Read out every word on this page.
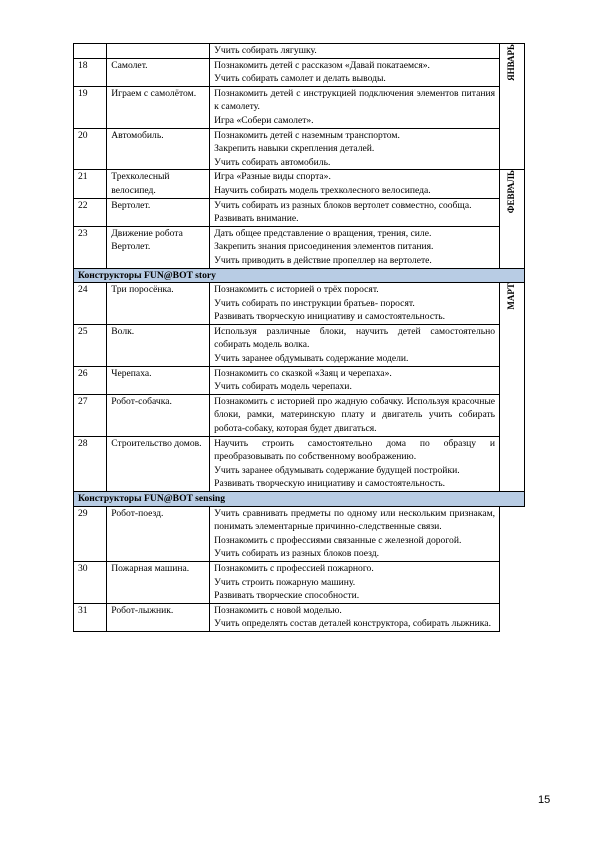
		Учить собирать лягушку.	ЯНВАРЬ
18	Самолет.	Познакомить детей с рассказом «Давай покатаемся».
Учить собирать самолет и делать выводы.	

19	Играем с самолётом.	Познакомить детей с инструкцией подключения элементов питания к самолету.
Игра «Собери самолет».	

20	Автомобиль.	Познакомить детей с наземным транспортом.
Закрепить навыки скрепления деталей.
Учить собирать автомобиль.	

21	Трехколесный велосипед.	Игра «Разные виды спорта».
Научить собирать модель трехколесного велосипеда.	ФЕВРАЛЬ
22	Вертолет.	Учить собирать из разных блоков вертолет совместно, сообща.
Развивать внимание.	

23	Движение робота Вертолет.	Дать общее представление о вращения, трения, силе.
Закрепить знания присоединения элементов питания.
Учить приводить в действие пропеллер на вертолете.	

Конструкторы FUN@BOT story			
24	Три поросёнка.	Познакомить с историей о трёх поросят.
Учить собирать по инструкции братьев- поросят.
Развивать творческую инициативу и самостоятельность.	МАРТ
25	Волк.	Используя различные блоки, научить детей самостоятельно собирать модель волка.
Учить заранее обдумывать содержание модели.	

26	Черепаха.	Познакомить со сказкой «Заяц и черепаха».
Учить собирать модель черепахи.	

27	Робот-собачка.	Познакомить с историей про жадную собачку. Используя красочные блоки, рамки, материнскую плату и двигатель учить собирать робота-собаку, которая будет двигаться.	

28	Строительство домов.	Научить строить самостоятельно дома по образцу и преобразовывать по собственному воображению.
Учить заранее обдумывать содержание будущей постройки.
Развивать творческую инициативу и самостоятельность.	

Конструкторы FUN@BOT sensing			
29	Робот-поезд.	Учить сравнивать предметы по одному или нескольким признакам, понимать элементарные причинно-следственные связи.
Познакомить с профессиями связанные с железной дорогой.
Учить собирать из разных блоков поезд.	

30	Пожарная машина.	Познакомить с профессией пожарного.
Учить строить пожарную машину.
Развивать творческие способности.	

31	Робот-лыжник.	Познакомить с новой моделью.
Учить определять состав деталей конструктора, собирать лыжника.	
15
